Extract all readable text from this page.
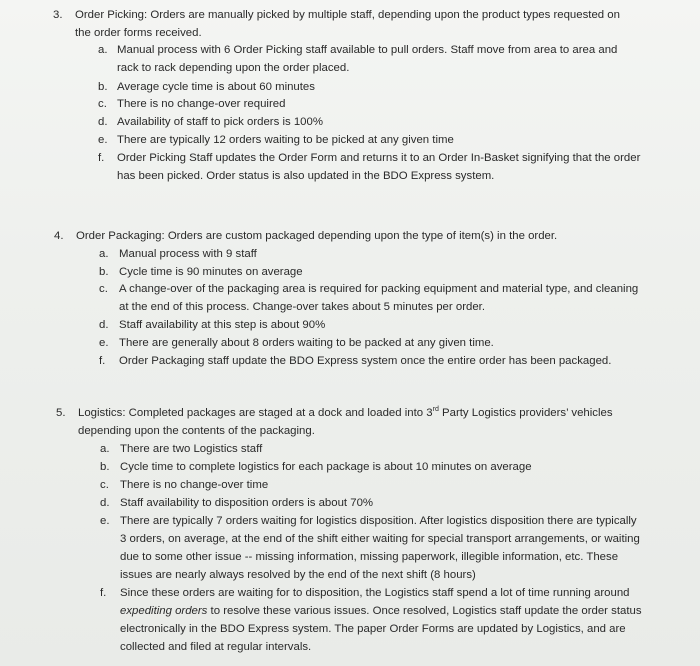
3. Order Picking: Orders are manually picked by multiple staff, depending upon the product types requested on
the order forms received.
a. Manual process with 6 Order Picking staff available to pull orders. Staff move from area to area and
rack to rack depending upon the order placed.
b. Average cycle time is about 60 minutes
c. There is no change-over required
d. Availability of staff to pick orders is 100%
e. There are typically 12 orders waiting to be picked at any given time
f. Order Picking Staff updates the Order Form and returns it to an Order In-Basket signifying that the order
has been picked. Order status is also updated in the BDO Express system.
4. Order Packaging: Orders are custom packaged depending upon the type of item(s) in the order.
a. Manual process with 9 staff
b. Cycle time is 90 minutes on average
c. A change-over of the packaging area is required for packing equipment and material type, and cleaning
at the end of this process. Change-over takes about 5 minutes per order.
d. Staff availability at this step is about 90%
e. There are generally about 8 orders waiting to be packed at any given time.
f. Order Packaging staff update the BDO Express system once the entire order has been packaged.
5. Logistics: Completed packages are staged at a dock and loaded into 3rd Party Logistics providers’ vehicles
depending upon the contents of the packaging.
a. There are two Logistics staff
b. Cycle time to complete logistics for each package is about 10 minutes on average
c. There is no change-over time
d. Staff availability to disposition orders is about 70%
e. There are typically 7 orders waiting for logistics disposition. After logistics disposition there are typically
3 orders, on average, at the end of the shift either waiting for special transport arrangements, or waiting
due to some other issue -- missing information, missing paperwork, illegible information, etc. These
issues are nearly always resolved by the end of the next shift (8 hours)
f. Since these orders are waiting for to disposition, the Logistics staff spend a lot of time running around
expediting orders to resolve these various issues. Once resolved, Logistics staff update the order status
electronically in the BDO Express system. The paper Order Forms are updated by Logistics, and are
collected and filed at regular intervals.
